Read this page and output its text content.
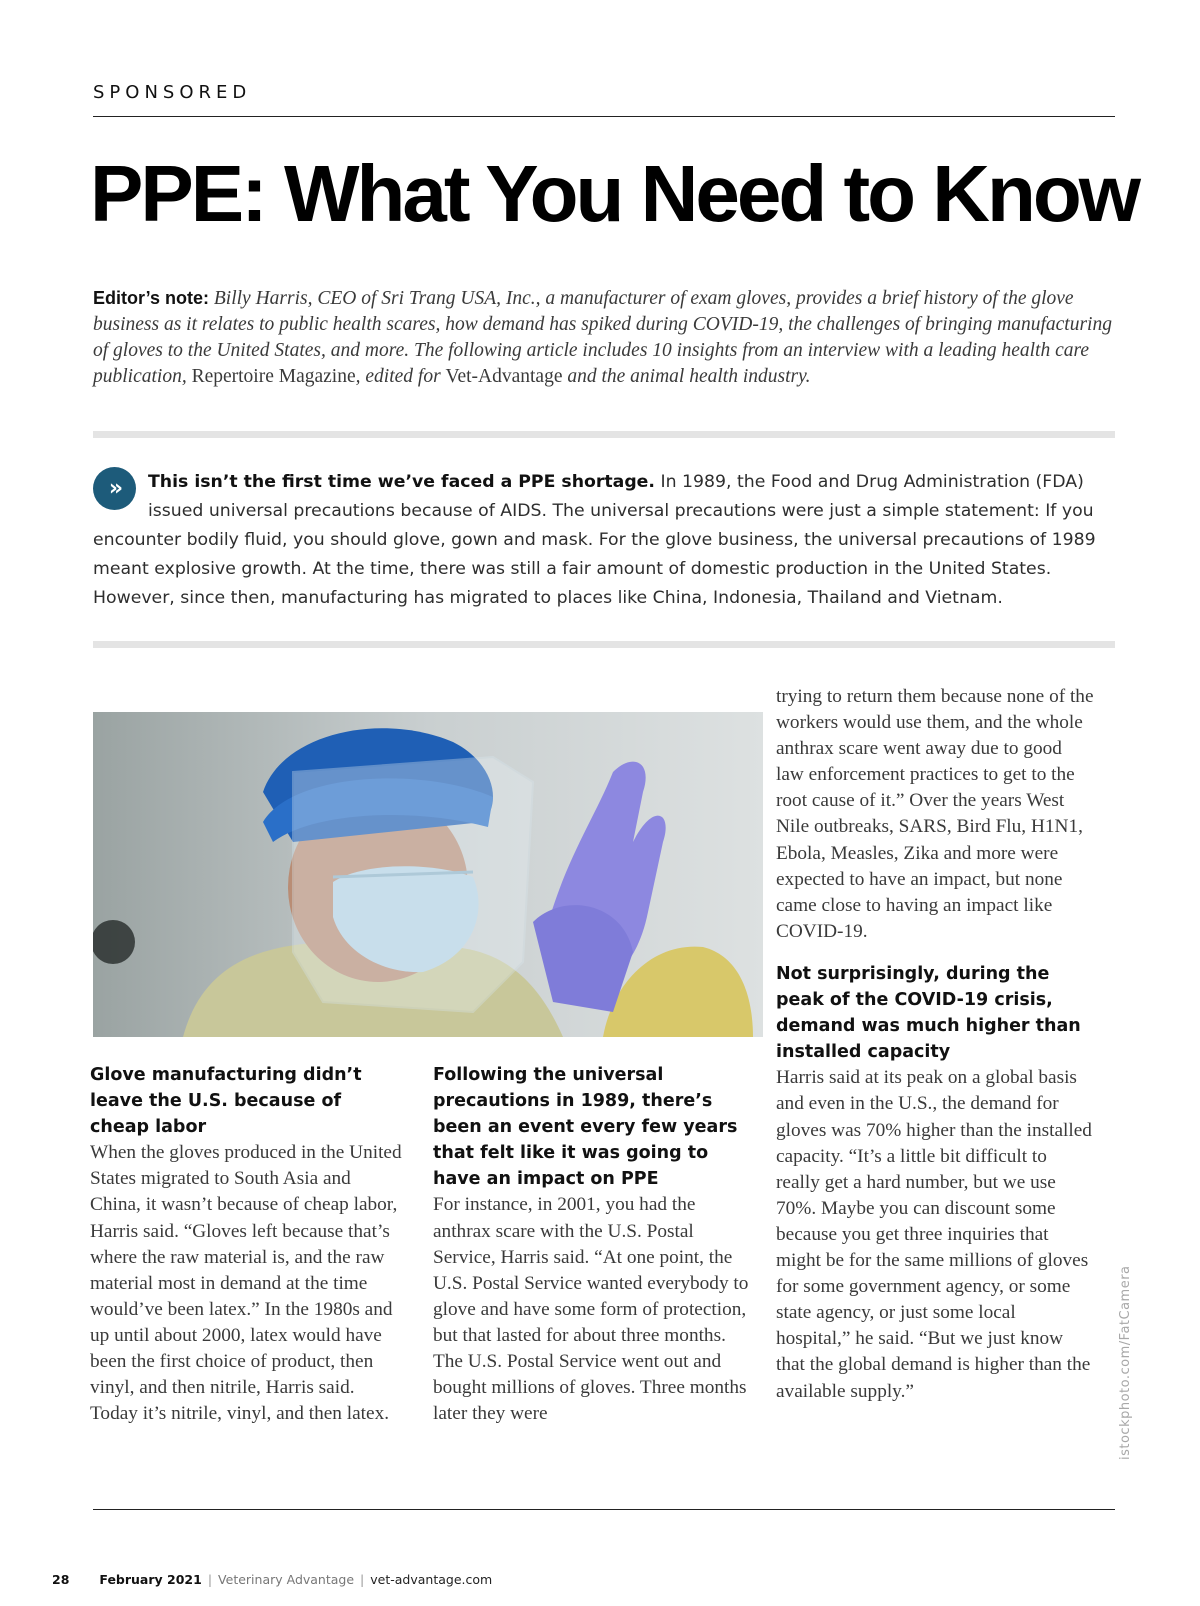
SPONSORED
PPE: What You Need to Know

Editor’s note: Billy Harris, CEO of Sri Trang USA, Inc., a manufacturer of exam gloves, provides a brief history of the glove business as it relates to public health scares, how demand has spiked during COVID-19, the challenges of bringing manufacturing of gloves to the United States, and more. The following article includes 10 insights from an interview with a leading health care publication, Repertoire Magazine, edited for Vet-Advantage and the animal health industry.

»	This isn’t the first time we’ve faced a PPE shortage. In 1989, the Food and Drug Administration (FDA) issued universal precautions because of AIDS. The universal precautions were just a simple statement: If you encounter bodily fluid, you should glove, gown and mask. For the glove business, the universal precautions of 1989 meant explosive growth. At the time, there was still a fair amount of domestic production in the United States. However, since then, manufacturing has migrated to places like China, Indonesia, Thailand and Vietnam.

trying to return them because none of the workers would use them, and the whole anthrax scare went away due to good law enforcement practices to get to the root cause of it.” Over the years West Nile outbreaks, SARS, Bird Flu, H1N1, Ebola, Measles, Zika and more were expected to have an impact, but none came close to having an impact like COVID-19.

Not surprisingly, during the peak of the COVID-19 crisis, demand was much higher than installed capacity

Harris said at its peak on a global basis and even in the U.S., the demand for gloves was 70% higher than the installed capacity. “It’s a little bit difficult to really get a hard number, but we use 70%. Maybe you can discount some because you get three inquiries that might be for the same millions of gloves for some government agency, or some state agency, or just some local hospital,” he said. “But we just know that the global demand is higher than the available supply.”

Glove manufacturing didn’t leave the U.S. because of cheap labor

When the gloves produced in the United States migrated to South Asia and China, it wasn’t because of cheap labor, Harris said. “Gloves left because that’s where the raw material is, and the raw material most in demand at the time would’ve been latex.” In the 1980s and up until about 2000, latex would have been the first choice of product, then vinyl, and then nitrile, Harris said. Today it’s nitrile, vinyl, and then latex.

Following the universal precautions in 1989, there’s been an event every few years that felt like it was going to have an impact on PPE

For instance, in 2001, you had the anthrax scare with the U.S. Postal Service, Harris said. “At one point, the U.S. Postal Service wanted everybody to glove and have some form of protection, but that lasted for about three months. The U.S. Postal Service went out and bought millions of gloves. Three months later they were	istockphoto.com/FatCamera
28 February 2021 | Veterinary Advantage | vet-advantage.com
